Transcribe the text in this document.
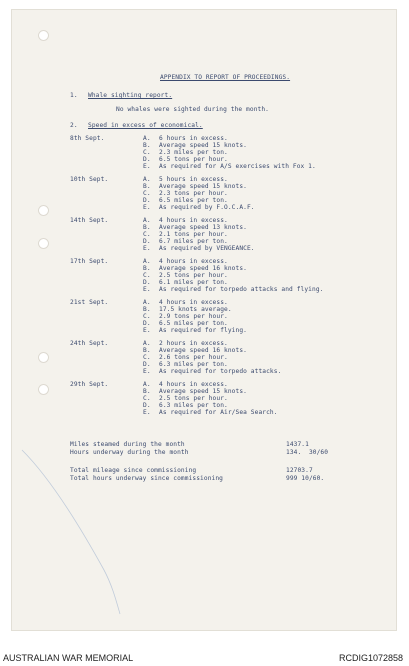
APPENDIX TO REPORT OF PROCEEDINGS.
1. Whale sighting report.
No whales were sighted during the month.
2. Speed in excess of economical.
8th Sept.	A. 6 hours in excess.
B. Average speed 15 knots.
C. 2.3 miles per ton.
D. 6.5 tons per hour.
E. As required for A/S exercises with Fox 1.
10th Sept.	A. 5 hours in excess.
B. Average speed 15 knots.
C. 2.3 tons per hour.
D. 6.5 miles per ton.
E. As required by F.O.C.A.F.
14th Sept.	A. 4 hours in excess.
B. Average speed 13 knots.
C. 2.1 tons per hour.
D. 6.7 miles per ton.
E. As required by VENGEANCE.
17th Sept.	A. 4 hours in excess.
B. Average speed 16 knots.
C. 2.5 tons per hour.
D. 6.1 miles per ton.
E. As required for torpedo attacks and flying.
21st Sept.	A. 4 hours in excess.
B. 17.5 knots average.
C. 2.9 tons per hour.
D. 6.5 miles per ton.
E. As required for flying.
24th Sept.	A. 2 hours in excess.
B. Average speed 16 knots.
C. 2.6 tons per hour.
D. 6.3 miles per ton.
E. As required for torpedo attacks.
29th Sept.	A. 4 hours in excess.
B. Average speed 15 knots.
C. 2.5 tons per hour.
D. 6.3 miles per ton.
E. As required for Air/Sea Search.
Miles steamed during the month	1437.1
Hours underway during the month	134.  30/60
Total mileage since commissioning	12703.7
Total hours underway since commissioning	999 10/60.
AUSTRALIAN WAR MEMORIAL	RCDIG1072858
